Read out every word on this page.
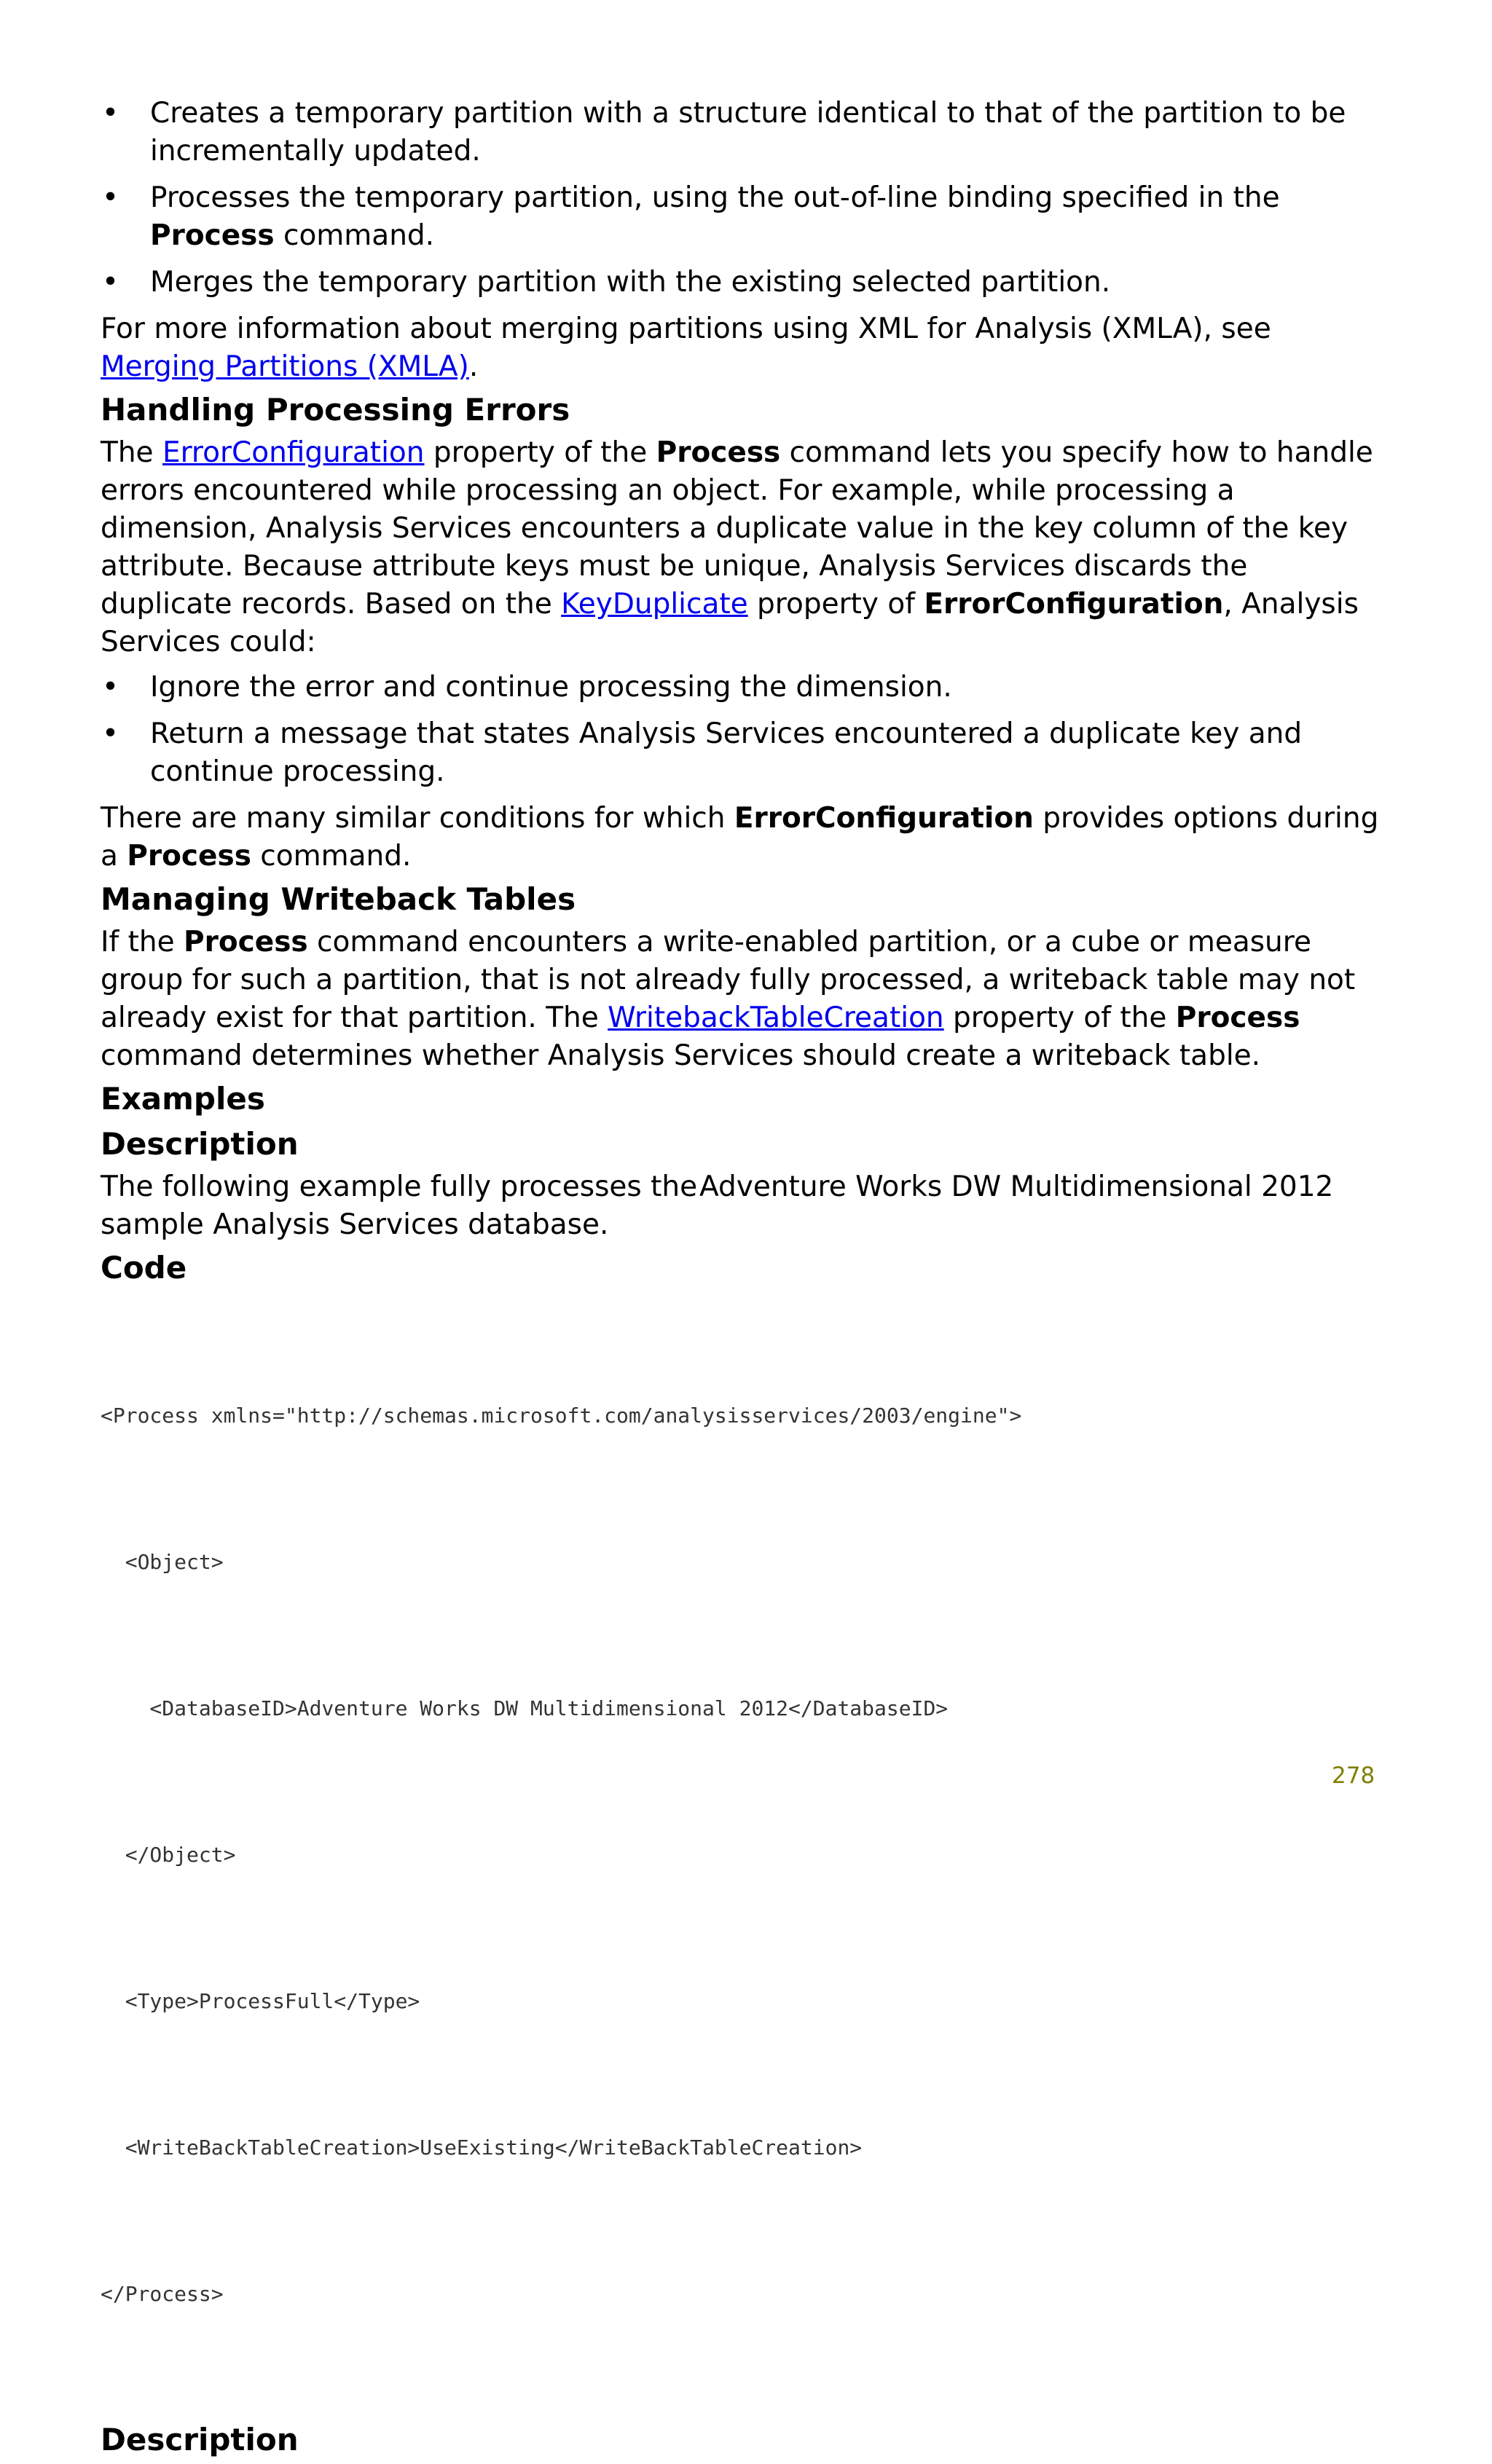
• Creates a temporary partition with a structure identical to that of the partition to be incrementally updated.
• Processes the temporary partition, using the out-of-line binding specified in the Process command.
• Merges the temporary partition with the existing selected partition.

For more information about merging partitions using XML for Analysis (XMLA), see Merging Partitions (XMLA).

Handling Processing Errors

The ErrorConfiguration property of the Process command lets you specify how to handle errors encountered while processing an object. For example, while processing a dimension, Analysis Services encounters a duplicate value in the key column of the key attribute. Because attribute keys must be unique, Analysis Services discards the duplicate records. Based on the KeyDuplicate property of ErrorConfiguration, Analysis Services could:

• Ignore the error and continue processing the dimension.
• Return a message that states Analysis Services encountered a duplicate key and continue processing.

There are many similar conditions for which ErrorConfiguration provides options during a Process command.

Managing Writeback Tables

If the Process command encounters a write-enabled partition, or a cube or measure group for such a partition, that is not already fully processed, a writeback table may not already exist for that partition. The WritebackTableCreation property of the Process command determines whether Analysis Services should create a writeback table.

Examples
Description
The following example fully processes the Adventure Works DW Multidimensional 2012

sample Analysis Services database.

Code

<Process xmlns="http://schemas.microsoft.com/analysisservices/2003/engine">

<Object>

<DatabaseID>Adventure Works DW Multidimensional 2012</DatabaseID>

</Object>

<Type>ProcessFull</Type>

<WriteBackTableCreation>UseExisting</WriteBackTableCreation>

</Process>

Description
278
